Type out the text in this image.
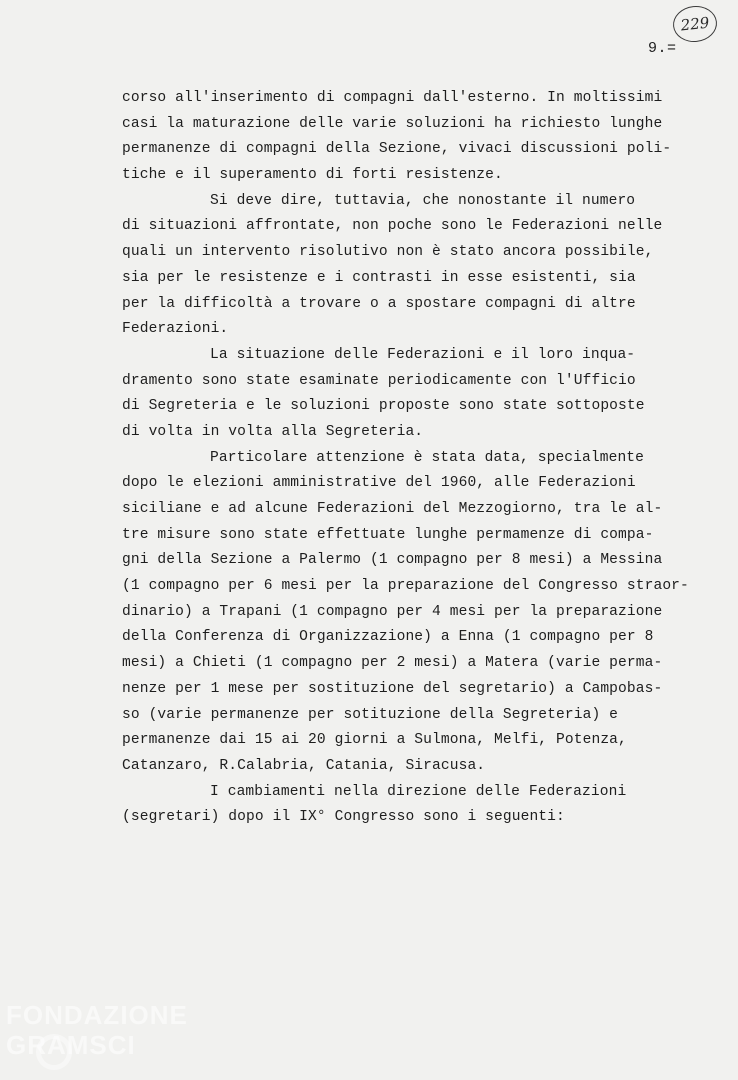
229
9.=
corso all'inserimento di compagni dall'esterno. In moltissimi
casi la maturazione delle varie soluzioni ha richiesto lunghe
permanenze di compagni della Sezione, vivaci discussioni poli-
tiche e il superamento di forti resistenze.
Si deve dire, tuttavia, che nonostante il numero
di situazioni affrontate, non poche sono le Federazioni nelle
quali un intervento risolutivo non è stato ancora possibile,
sia per le resistenze e i contrasti in esse esistenti, sia
per la difficoltà a trovare o a spostare compagni di altre
Federazioni.
La situazione delle Federazioni e il loro inqua-
dramento sono state esaminate periodicamente con l'Ufficio
di Segreteria e le soluzioni proposte sono state sottoposte
di volta in volta alla Segreteria.
Particolare attenzione è stata data, specialmente
dopo le elezioni amministrative del 1960, alle Federazioni
siciliane e ad alcune Federazioni del Mezzogiorno, tra le al-
tre misure sono state effettuate lunghe permamenze di compa-
gni della Sezione a Palermo (1 compagno per 8 mesi) a Messina
(1 compagno per 6 mesi per la preparazione del Congresso straor-
dinario) a Trapani (1 compagno per 4 mesi per la preparazione
della Conferenza di Organizzazione) a Enna (1 compagno per 8
mesi) a Chieti (1 compagno per 2 mesi) a Matera (varie perma-
nenze per 1 mese per sostituzione del segretario) a Campobas-
so (varie permanenze per sotituzione della Segreteria) e
permanenze dai 15 ai 20 giorni a Sulmona, Melfi, Potenza,
Catanzaro, R.Calabria, Catania, Siracusa.
I cambiamenti nella direzione delle Federazioni
(segretari) dopo il IX° Congresso sono i seguenti:
FONDAZIONE
GRAMSCI
